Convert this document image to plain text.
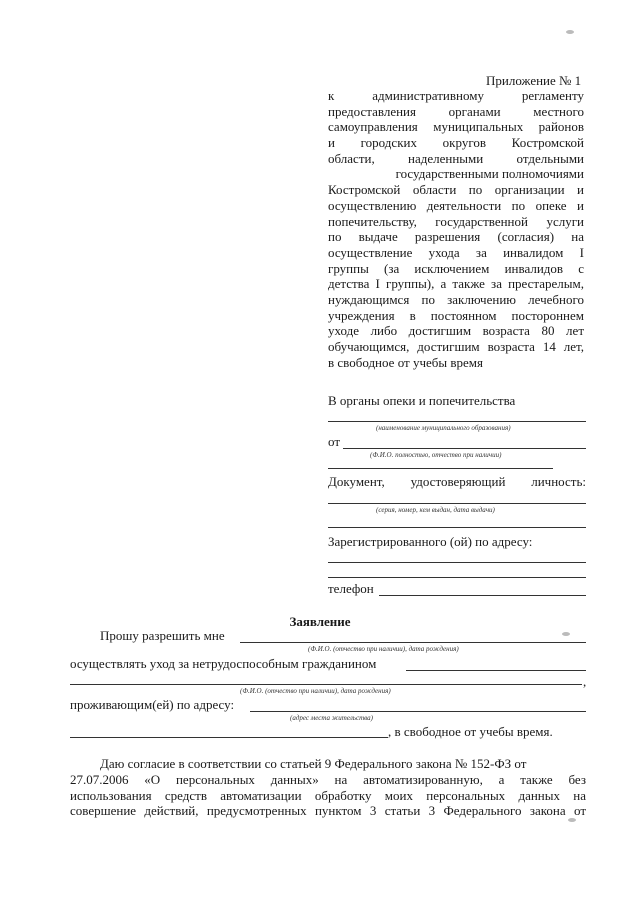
Приложение № 1
к административному регламенту
предоставления органами местного
самоуправления муниципальных районов
и городских округов Костромской
области, наделенными отдельными
государственными полномочиями
Костромской области по организации и
осуществлению деятельности по опеке и
попечительству, государственной услуги
по выдаче разрешения (согласия) на
осуществление ухода за инвалидом I
группы (за исключением инвалидов с
детства I группы), а также за престарелым,
нуждающимся по заключению лечебного
учреждения в постоянном постороннем
уходе либо достигшим возраста 80 лет
обучающимся, достигшим возраста 14 лет,
в свободное от учебы время
В органы опеки и попечительства
(наименование муниципального образования)
от
(Ф.И.О. полностью, отчество при наличии)
Документ, удостоверяющий личность:
(серия, номер, кем выдан, дата выдачи)
Зарегистрированного (ой) по адресу:
телефон
Заявление
Прошу разрешить мне
(Ф.И.О. (отчество при наличии), дата рождения)
осуществлять уход за нетрудоспособным гражданином
,
(Ф.И.О. (отчество при наличии), дата рождения)
проживающим(ей) по адресу:
(адрес места жительства)
, в свободное от учебы время.
Даю согласие в соответствии со статьей 9 Федерального закона № 152-ФЗ от
27.07.2006 «О персональных данных» на автоматизированную, а также без
использования средств автоматизации обработку моих персональных данных на
совершение действий, предусмотренных пунктом 3 статьи 3 Федерального закона от
